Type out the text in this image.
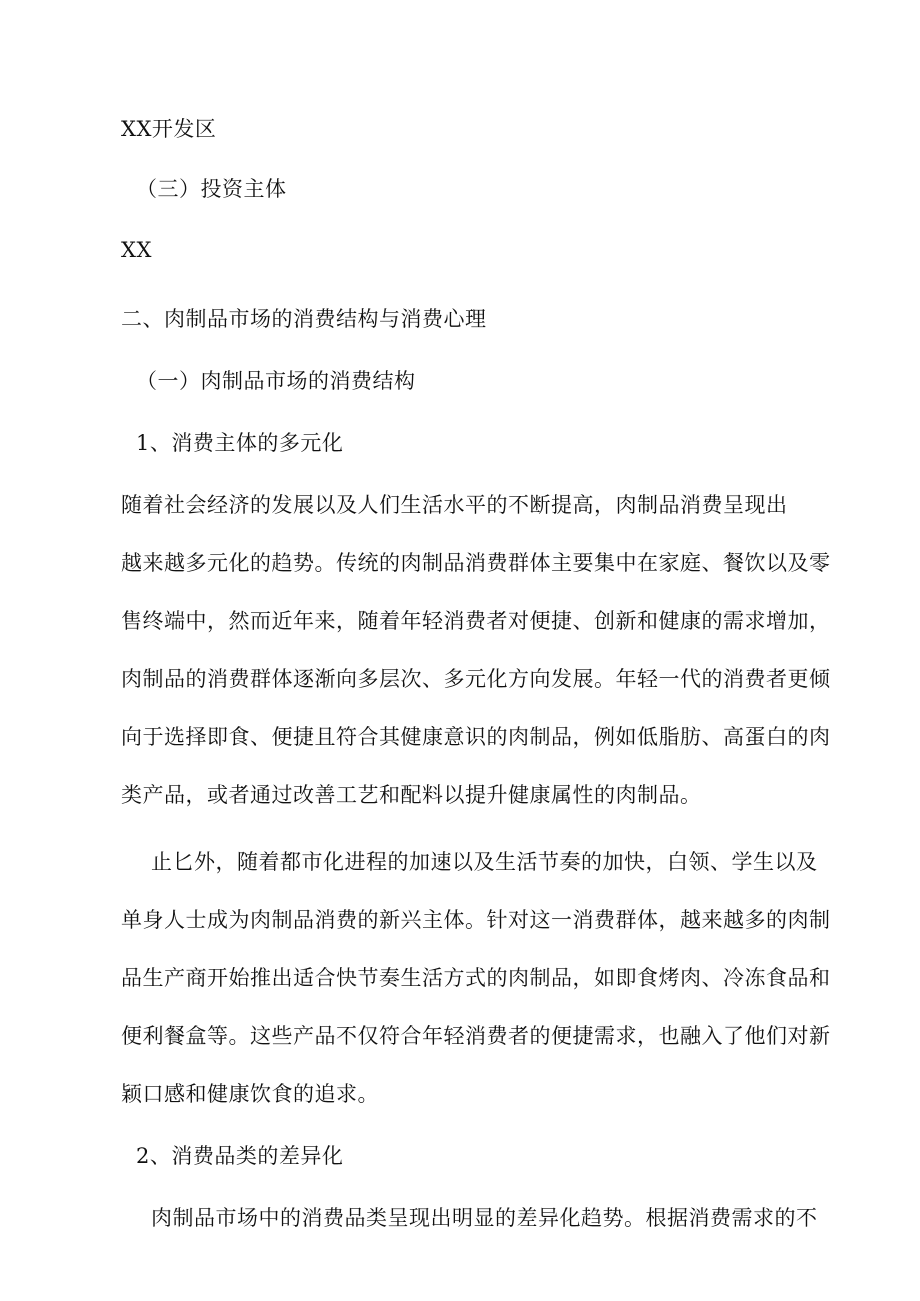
XX开发区
（三）投资主体
XX
二、肉制品市场的消费结构与消费心理
（一）肉制品市场的消费结构
1、消费主体的多元化
随着社会经济的发展以及人们生活水平的不断提高，肉制品消费呈现出
越来越多元化的趋势。传统的肉制品消费群体主要集中在家庭、餐饮以及零
售终端中，然而近年来，随着年轻消费者对便捷、创新和健康的需求增加，
肉制品的消费群体逐渐向多层次、多元化方向发展。年轻一代的消费者更倾
向于选择即食、便捷且符合其健康意识的肉制品，例如低脂肪、高蛋白的肉
类产品，或者通过改善工艺和配料以提升健康属性的肉制品。
止匕外，随着都市化进程的加速以及生活节奏的加快，白领、学生以及
单身人士成为肉制品消费的新兴主体。针对这一消费群体，越来越多的肉制
品生产商开始推出适合快节奏生活方式的肉制品，如即食烤肉、冷冻食品和
便利餐盒等。这些产品不仅符合年轻消费者的便捷需求，也融入了他们对新
颖口感和健康饮食的追求。
2、消费品类的差异化
肉制品市场中的消费品类呈现出明显的差异化趋势。根据消费需求的不
